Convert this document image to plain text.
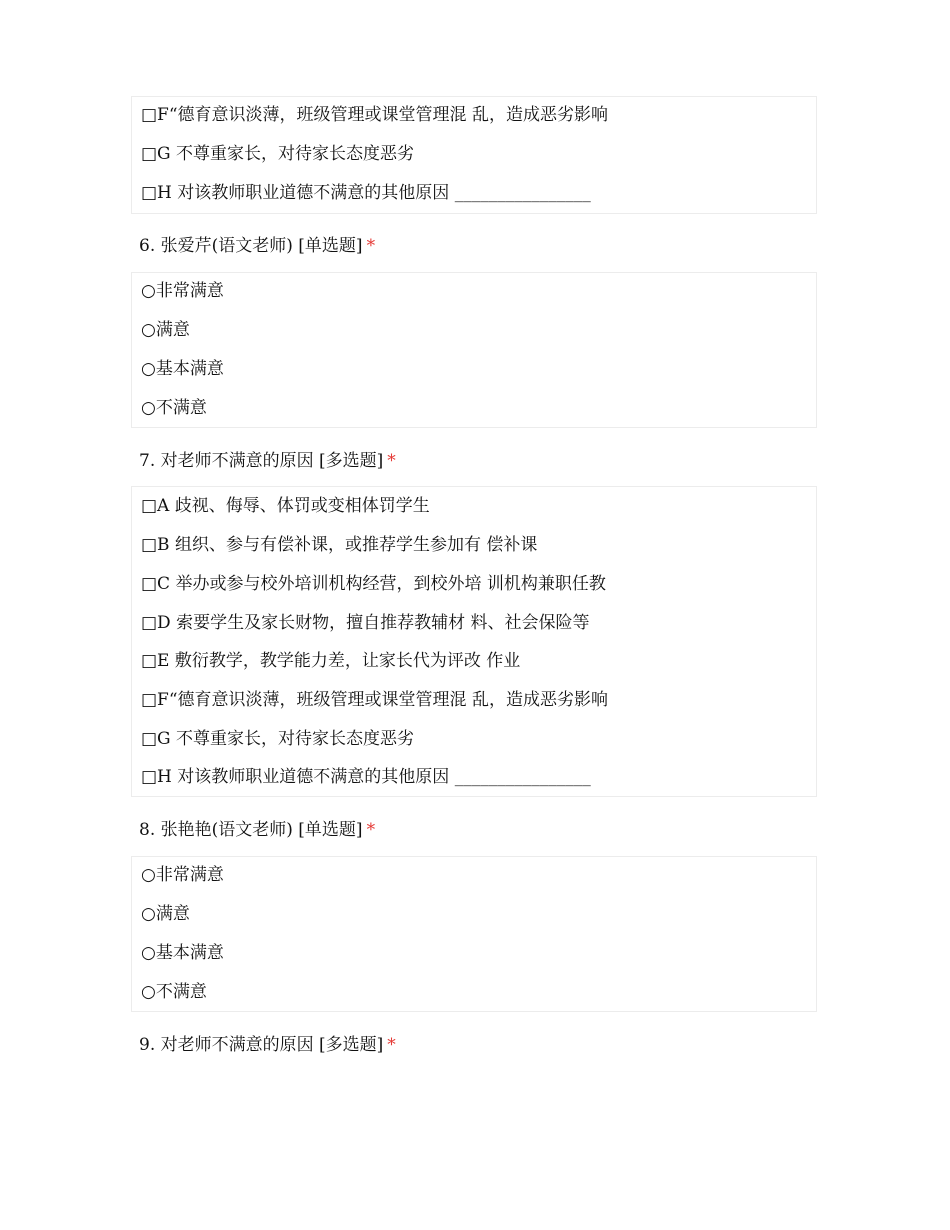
□F“德育意识淡薄，班级管理或课堂管理混 乱，造成恶劣影响
□G 不尊重家长，对待家长态度恶劣
□H 对该教师职业道德不满意的其他原因 ________________
6. 张爱芹(语文老师) [单选题] *
○非常满意
○满意
○基本满意
○不满意
7. 对老师不满意的原因 [多选题] *
□A 歧视、侮辱、体罚或变相体罚学生
□B 组织、参与有偿补课，或推荐学生参加有 偿补课
□C 举办或参与校外培训机构经营，到校外培 训机构兼职任教
□D 索要学生及家长财物，擅自推荐教辅材 料、社会保险等
□E 敷衍教学，教学能力差，让家长代为评改 作业
□F“德育意识淡薄，班级管理或课堂管理混 乱，造成恶劣影响
□G 不尊重家长，对待家长态度恶劣
□H 对该教师职业道德不满意的其他原因 ________________
8. 张艳艳(语文老师) [单选题] *
○非常满意
○满意
○基本满意
○不满意
9. 对老师不满意的原因 [多选题] *
